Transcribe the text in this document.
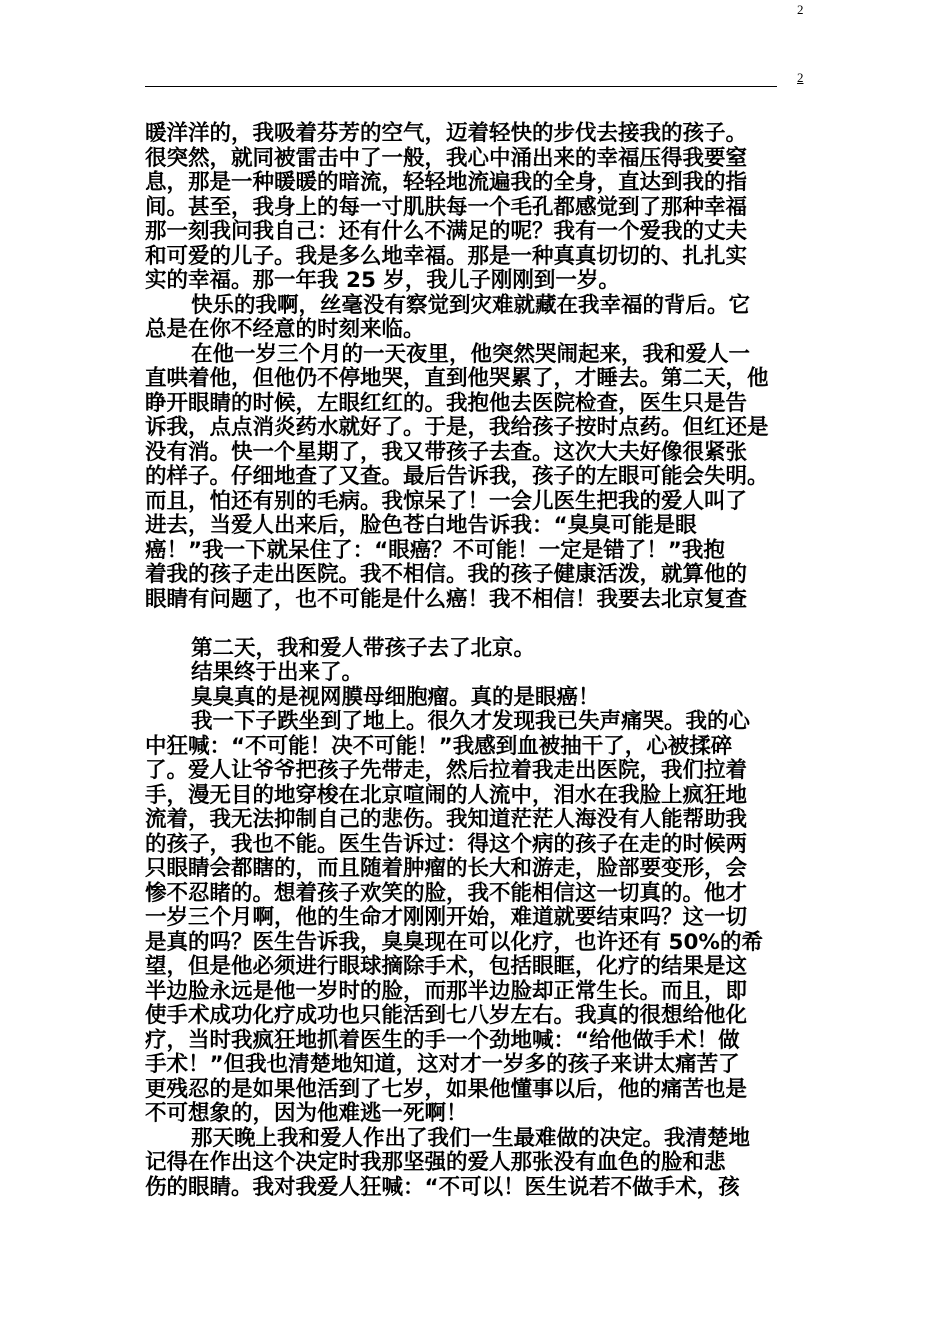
2
2

暖洋洋的，我吸着芬芳的空气，迈着轻快的步伐去接我的孩子。

很突然，就同被雷击中了一般，我心中涌出来的幸福压得我要窒

息，那是一种暖暖的暗流，轻轻地流遍我的全身，直达到我的指

间。甚至，我身上的每一寸肌肤每一个毛孔都感觉到了那种幸福

那一刻我问我自己：还有什么不满足的呢？我有一个爱我的丈夫

和可爱的儿子。我是多么地幸福。那是一种真真切切的、扎扎实

实的幸福。那一年我 25 岁，我儿子刚刚到一岁。

快乐的我啊，丝毫没有察觉到灾难就藏在我幸福的背后。它

总是在你不经意的时刻来临。

在他一岁三个月的一天夜里，他突然哭闹起来，我和爱人一

直哄着他，但他仍不停地哭，直到他哭累了，才睡去。第二天，他

睁开眼睛的时候，左眼红红的。我抱他去医院检查，医生只是告

诉我，点点消炎药水就好了。于是，我给孩子按时点药。但红还是

没有消。快一个星期了，我又带孩子去查。这次大夫好像很紧张

的样子。仔细地查了又查。最后告诉我，孩子的左眼可能会失明。

而且，怕还有别的毛病。我惊呆了！一会儿医生把我的爱人叫了

进去，当爱人出来后，脸色苍白地告诉我：“臭臭可能是眼

癌！”我一下就呆住了：“眼癌？不可能！一定是错了！”我抱

着我的孩子走出医院。我不相信。我的孩子健康活泼，就算他的

眼睛有问题了，也不可能是什么癌！我不相信！我要去北京复查

第二天，我和爱人带孩子去了北京。

结果终于出来了。

臭臭真的是视网膜母细胞瘤。真的是眼癌！

我一下子跌坐到了地上。很久才发现我已失声痛哭。我的心

中狂喊：“不可能！决不可能！”我感到血被抽干了，心被揉碎

了。爱人让爷爷把孩子先带走，然后拉着我走出医院，我们拉着

手，漫无目的地穿梭在北京喧闹的人流中，泪水在我脸上疯狂地

流着，我无法抑制自己的悲伤。我知道茫茫人海没有人能帮助我

的孩子，我也不能。医生告诉过：得这个病的孩子在走的时候两

只眼睛会都瞎的，而且随着肿瘤的长大和游走，脸部要变形，会

惨不忍睹的。想着孩子欢笑的脸，我不能相信这一切真的。他才

一岁三个月啊，他的生命才刚刚开始，难道就要结束吗？这一切

是真的吗？医生告诉我，臭臭现在可以化疗，也许还有 50%的希

望，但是他必须进行眼球摘除手术，包括眼眶，化疗的结果是这

半边脸永远是他一岁时的脸，而那半边脸却正常生长。而且，即

使手术成功化疗成功也只能活到七八岁左右。我真的很想给他化

疗，当时我疯狂地抓着医生的手一个劲地喊：“给他做手术！做

手术！”但我也清楚地知道，这对才一岁多的孩子来讲太痛苦了

更残忍的是如果他活到了七岁，如果他懂事以后，他的痛苦也是

不可想象的，因为他难逃一死啊！

那天晚上我和爱人作出了我们一生最难做的决定。我清楚地

记得在作出这个决定时我那坚强的爱人那张没有血色的脸和悲

伤的眼睛。我对我爱人狂喊：“不可以！医生说若不做手术，孩
